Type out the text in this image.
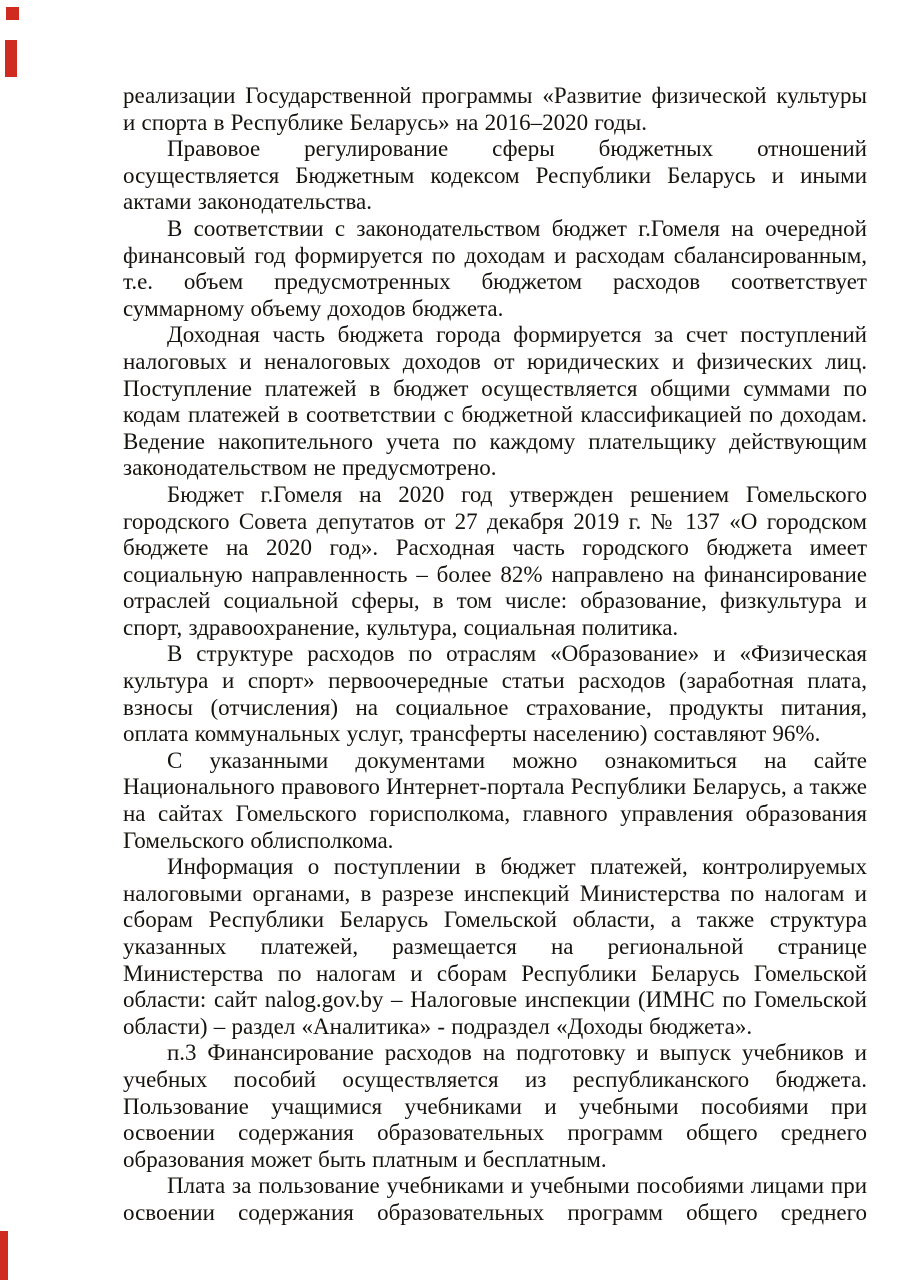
реализации Государственной программы «Развитие физической культуры и спорта в Республике Беларусь» на 2016–2020 годы.

Правовое регулирование сферы бюджетных отношений осуществляется Бюджетным кодексом Республики Беларусь и иными актами законодательства.

В соответствии с законодательством бюджет г.Гомеля на очередной финансовый год формируется по доходам и расходам сбалансированным, т.е. объем предусмотренных бюджетом расходов соответствует суммарному объему доходов бюджета.

Доходная часть бюджета города формируется за счет поступлений налоговых и неналоговых доходов от юридических и физических лиц. Поступление платежей в бюджет осуществляется общими суммами по кодам платежей в соответствии с бюджетной классификацией по доходам. Ведение накопительного учета по каждому плательщику действующим законодательством не предусмотрено.

Бюджет г.Гомеля на 2020 год утвержден решением Гомельского городского Совета депутатов от 27 декабря 2019 г. № 137 «О городском бюджете на 2020 год». Расходная часть городского бюджета имеет социальную направленность – более 82% направлено на финансирование отраслей социальной сферы, в том числе: образование, физкультура и спорт, здравоохранение, культура, социальная политика.

В структуре расходов по отраслям «Образование» и «Физическая культура и спорт» первоочередные статьи расходов (заработная плата, взносы (отчисления) на социальное страхование, продукты питания, оплата коммунальных услуг, трансферты населению) составляют 96%.

С указанными документами можно ознакомиться на сайте Национального правового Интернет-портала Республики Беларусь, а также на сайтах Гомельского горисполкома, главного управления образования Гомельского облисполкома.

Информация о поступлении в бюджет платежей, контролируемых налоговыми органами, в разрезе инспекций Министерства по налогам и сборам Республики Беларусь Гомельской области, а также структура указанных платежей, размещается на региональной странице Министерства по налогам и сборам Республики Беларусь Гомельской области: сайт nalog.gov.by – Налоговые инспекции (ИМНС по Гомельской области) – раздел «Аналитика» - подраздел «Доходы бюджета».

п.3 Финансирование расходов на подготовку и выпуск учебников и учебных пособий осуществляется из республиканского бюджета. Пользование учащимися учебниками и учебными пособиями при освоении содержания образовательных программ общего среднего образования может быть платным и бесплатным.

Плата за пользование учебниками и учебными пособиями лицами при освоении содержания образовательных программ общего среднего
